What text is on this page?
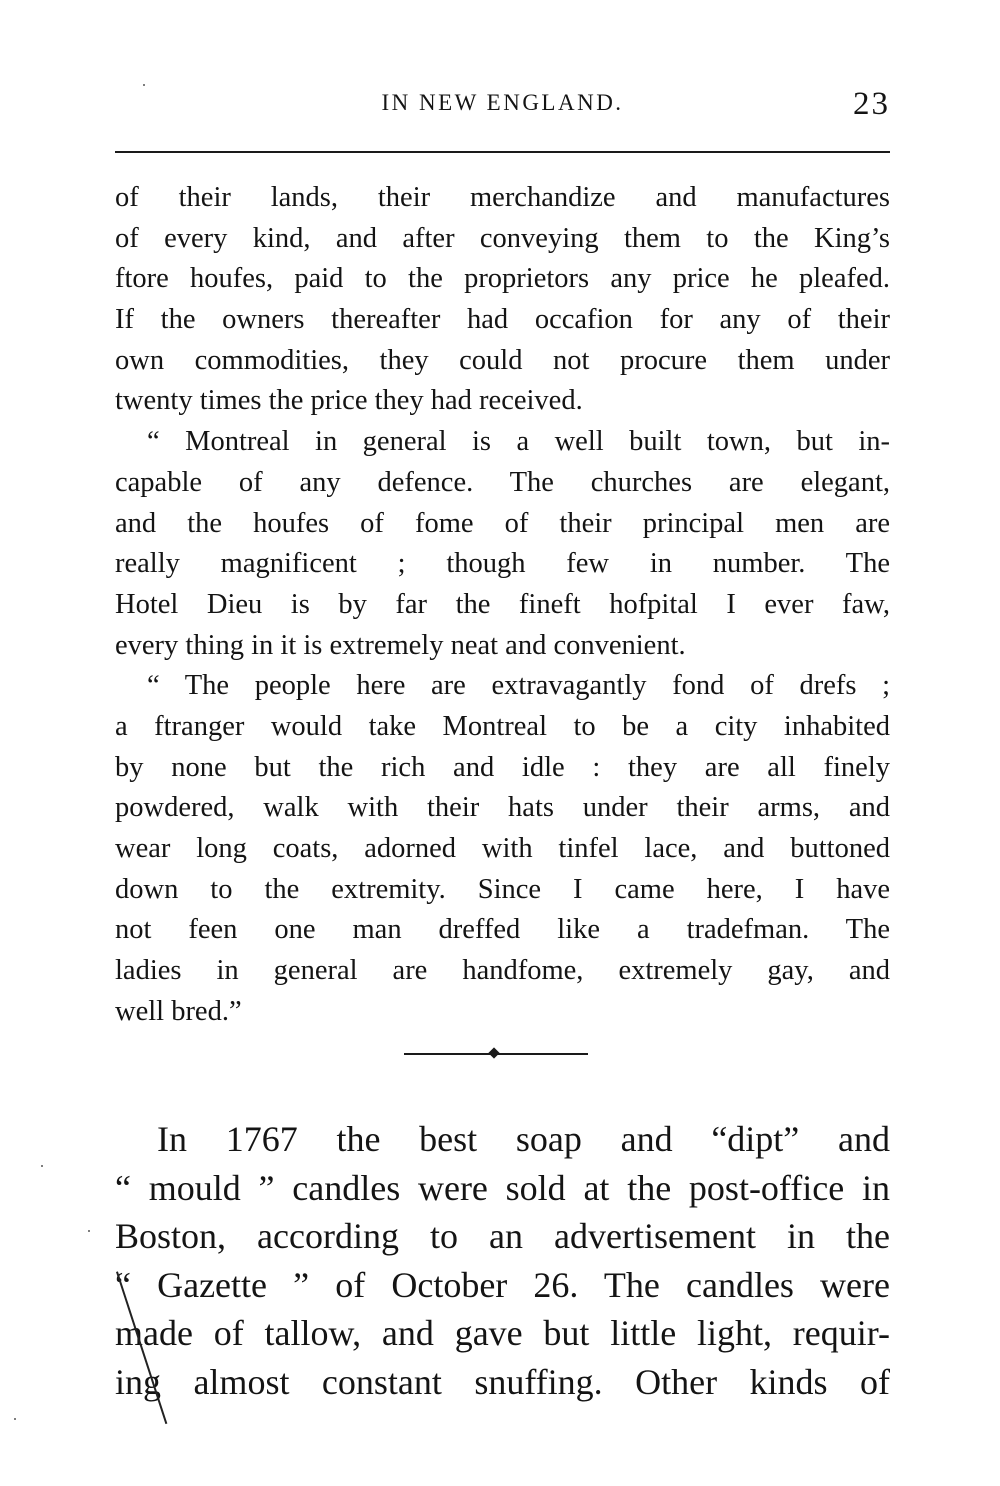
IN NEW ENGLAND.	23
of their lands, their merchandize and manufactures
of every kind, and after conveying them to the King’s
ftore houfes, paid to the proprietors any price he pleafed.
If the owners thereafter had occafion for any of their
own commodities, they could not procure them under
twenty times the price they had received.
“ Montreal in general is a well built town, but in-
capable of any defence. The churches are elegant,
and the houfes of fome of their principal men are
really magnificent ; though few in number. The
Hotel Dieu is by far the fineft hofpital I ever faw,
every thing in it is extremely neat and convenient.
“ The people here are extravagantly fond of drefs ;
a ftranger would take Montreal to be a city inhabited
by none but the rich and idle : they are all finely
powdered, walk with their hats under their arms, and
wear long coats, adorned with tinfel lace, and buttoned
down to the extremity. Since I came here, I have
not feen one man dreffed like a tradefman. The
ladies in general are handfome, extremely gay, and
well bred.”
In 1767 the best soap and “dipt” and
“ mould ” candles were sold at the post-office in
Boston, according to an advertisement in the
“ Gazette ” of October 26. The candles were
made of tallow, and gave but little light, requir-
ing almost constant snuffing. Other kinds of
